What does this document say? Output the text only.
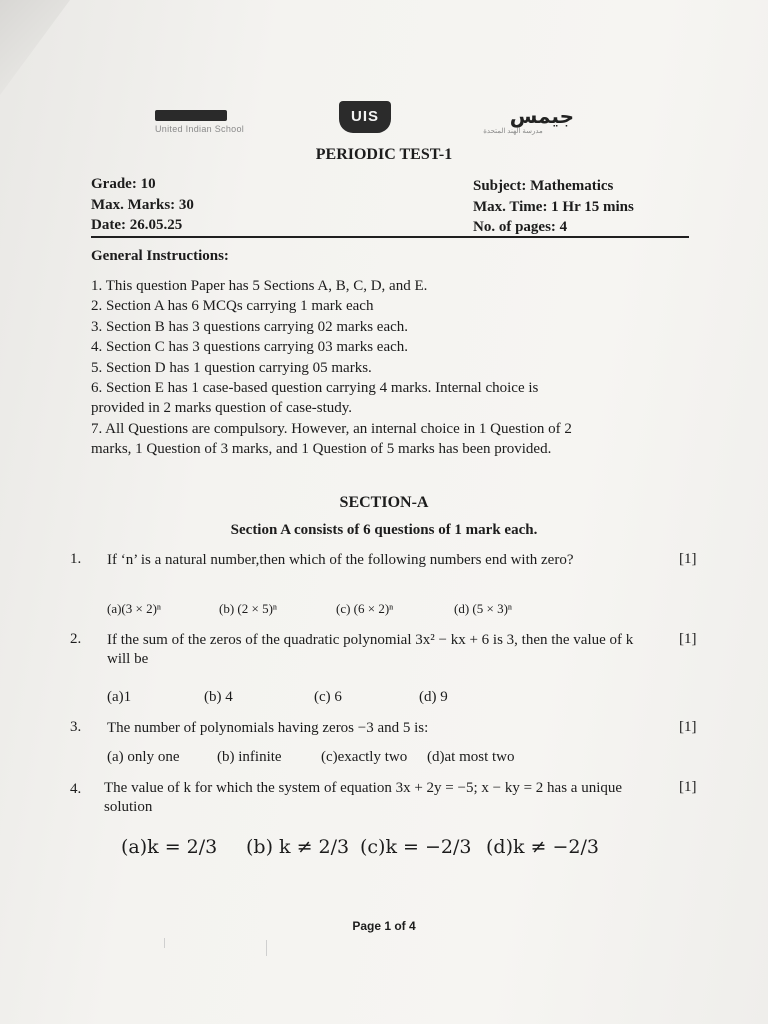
United Indian School
UIS	جيمس
مدرسة الهند المتحدة
PERIODIC TEST-1
Grade: 10
Max. Marks: 30
Date: 26.05.25
Subject: Mathematics
Max. Time: 1 Hr 15 mins
No. of pages: 4
General Instructions:
1. This question Paper has 5 Sections A, B, C, D, and E.
2. Section A has 6 MCQs carrying 1 mark each
3. Section B has 3 questions carrying 02 marks each.
4. Section C has 3 questions carrying 03 marks each.
5. Section D has 1 question carrying 05 marks.
6. Section E has 1 case-based question carrying 4 marks. Internal choice is
provided in 2 marks question of case-study.
7. All Questions are compulsory. However, an internal choice in 1 Question of 2
marks, 1 Question of 3 marks, and 1 Question of 5 marks has been provided.
SECTION-A
Section A consists of 6 questions of 1 mark each.
1. If ‘n’ is a natural number,then which of the following numbers end with zero?	[1]
(a)(3 × 2)ⁿ	(b) (2 × 5)ⁿ	(c) (6 × 2)ⁿ	(d) (5 × 3)ⁿ
2. If the sum of the zeros of the quadratic polynomial 3x² − kx + 6 is 3, then the value of k will be
[1]
(a)1	(b) 4	(c) 6	(d) 9
3. The number of polynomials having zeros −3 and 5 is:	[1]
(a) only one	(b) infinite	(c)exactly two (d)at most two
4. The value of k for which the system of equation 3x + 2y = −5; x − ky = 2 has a unique solution
[1]
(a)k = 2/3 (b) k ≠ 2/3 (c)k = −2/3 (d)k ≠ −2/3
Page 1 of 4
